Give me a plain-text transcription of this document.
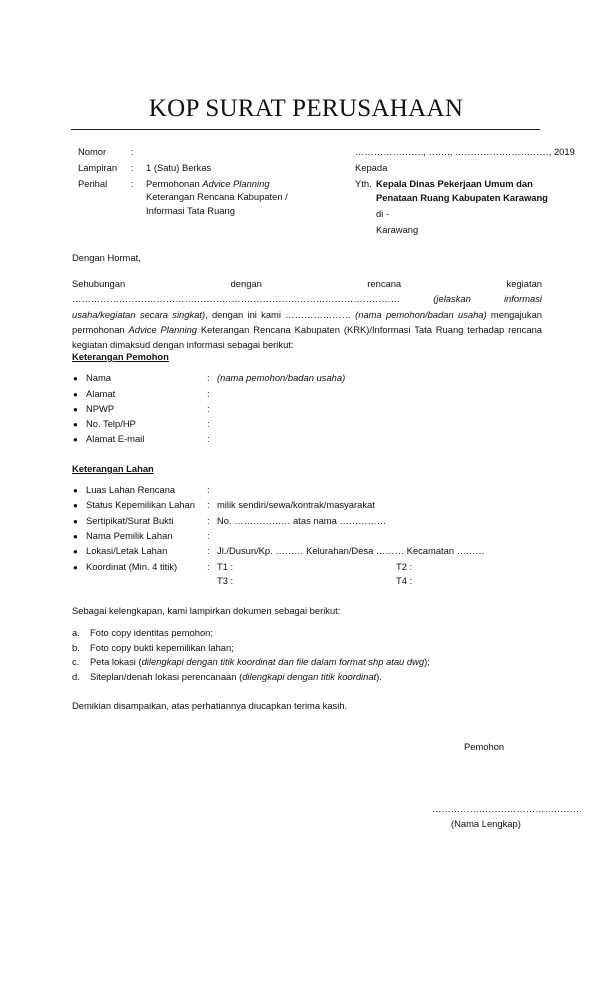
KOP SURAT PERUSAHAAN
Nomor	:
Lampiran : 1 (Satu) Berkas
Perihal	: Permohonan Advice Planning
Keterangan Rencana Kabupaten /
Informasi Tata Ruang
…………………., ……., …………………………, 2019
Kepada
Yth. Kepala Dinas Pekerjaan Umum dan
Penataan Ruang Kabupaten Karawang
di -
Karawang
Dengan Hormat,
Sehubungan dengan rencana kegiatan ……………………………………………………………………………………………	(jelaskan informasi usaha/kegiatan secara singkat), dengan ini kami ………………… (nama pemohon/badan usaha) mengajukan permohonan Advice Planning Keterangan Rencana Kabupaten (KRK)/Informasi Tata Ruang terhadap rencana kegiatan dimaksud dengan informasi sebagai berikut:
Keterangan Pemohon
● Nama	: (nama pemohon/badan usaha)
● Alamat	:
● NPWP	:
● No. Telp/HP	:
● Alamat E-mail	:
Keterangan Lahan
● Luas Lahan Rencana	:
● Status Kepemilikan Lahan : milik sendiri/sewa/kontrak/masyarakat
● Sertipikat/Surat Bukti	: No. ……………… atas nama ……………
● Nama Pemilik Lahan	:
● Lokasi/Letak Lahan	: Jl./Dusun/Kp. ……… Kelurahan/Desa ……… Kecamatan ………
● Koordinat (Min. 4 titik)	: T1 :	T2 :
T3 :	T4 :
Sebagai kelengkapan, kami lampirkan dokumen sebagai berikut:
a. Foto copy identitas pemohon;
b. Foto copy bukti kepemilikan lahan;
c. Peta lokasi (dilengkapi dengan titik koordinat dan file dalam format shp atau dwg);
d. Siteplan/denah lokasi perencanaan (dilengkapi dengan titik koordinat).
Demikian disampaikan, atas perhatiannya diucapkan terima kasih.
Pemohon
…………………………………………
(Nama Lengkap)
